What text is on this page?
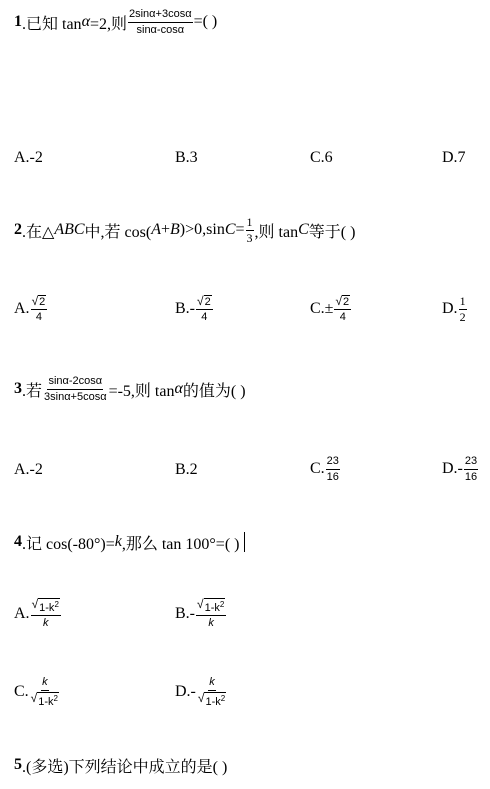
1 .已知 tan α =2,则 $\frac{2\sin\alpha+3\cos\alpha}{\sin\alpha-\cos\alpha}$ =( )
A.-2	B.3	C.6	D.7
2 .在△ ABC 中,若 cos( A + B )>0,sin $C = \frac{1}{3}$ ,则 tan C 等于( )
A. $\frac{√ 2}{4}$	B. - $\frac{√ 2}{4}$	C. ± $\frac{√ 2}{4}$	D. $\frac{1}{2}$
3 .若 $\frac{\sin\alpha-2\cos\alpha}{3\sin\alpha+5\cos\alpha} =-5$,则 tan α 的值为( )
A.-2	B.2	C. $\frac{23}{16}$	$D.- \frac{23}{16}$
4 .记 cos(-80°)= k ,那么 tan 100°=( )
A. $\frac{√ 1-k^2}{k}$	$B.- \frac{√ 1-k^2}{k}$
C. $\frac{k}{√ 1-k^2}$	$D.- \frac{k}{√ 1-k^2}$
5 .(多选)下列结论中成立的是( )
